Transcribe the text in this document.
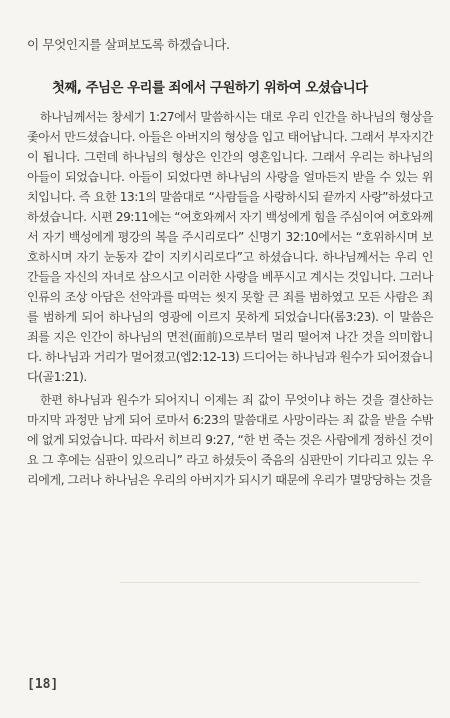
이 무엇인지를 살펴보도록 하겠습니다.
첫째, 주님은 우리를 죄에서 구원하기 위하여 오셨습니다

하나님께서는 창세기 1:27에서 말씀하시는 대로 우리 인간을 하나님의 형상을 좇아서 만드셨습니다. 아들은 아버지의 형상을 입고 태어납니다. 그래서 부자지간이 됩니다. 그런데 하나님의 형상은 인간의 영혼입니다. 그래서 우리는 하나님의 아들이 되었습니다. 아들이 되었다면 하나님의 사랑을 얼마든지 받을 수 있는 위치입니다. 즉 요한 13:1의 말씀대로 “사람들을 사랑하시되 끝까지 사랑”하셨다고 하셨습니다. 시편 29:11에는 “여호와께서 자기 백성에게 힘을 주심이여 여호와께서 자기 백성에게 평강의 복을 주시리로다” 신명기 32:10에서는 “호위하시며 보호하시며 자기 눈동자 같이 지키시리로다”고 하셨습니다. 하나님께서는 우리 인간들을 자신의 자녀로 삼으시고 이러한 사랑을 베푸시고 계시는 것입니다. 그러나 인류의 조상 아담은 선악과를 따먹는 씻지 못할 큰 죄를 범하였고 모든 사람은 죄를 범하게 되어 하나님의 영광에 이르지 못하게 되었습니다(롬3:23). 이 말씀은 죄를 지은 인간이 하나님의 면전(面前)으로부터 멀리 떨어져 나간 것을 의미합니다. 하나님과 거리가 멀어졌고(엡2:12-13) 드디어는 하나님과 원수가 되어졌습니다(골1:21).

한편 하나님과 원수가 되어지니 이제는 죄 값이 무엇이냐 하는 것을 결산하는 마지막 과정만 남게 되어 로마서 6:23의 말씀대로 사망이라는 죄 값을 받을 수밖에 없게 되었습니다. 따라서 히브리 9:27, “한 번 죽는 것은 사람에게 정하신 것이요 그 후에는 심판이 있으리니” 라고 하셨듯이 죽음의 심판만이 기다리고 있는 우리에게, 그러나 하나님은 우리의 아버지가 되시기 때문에 우리가 멸망당하는 것을

[18]
